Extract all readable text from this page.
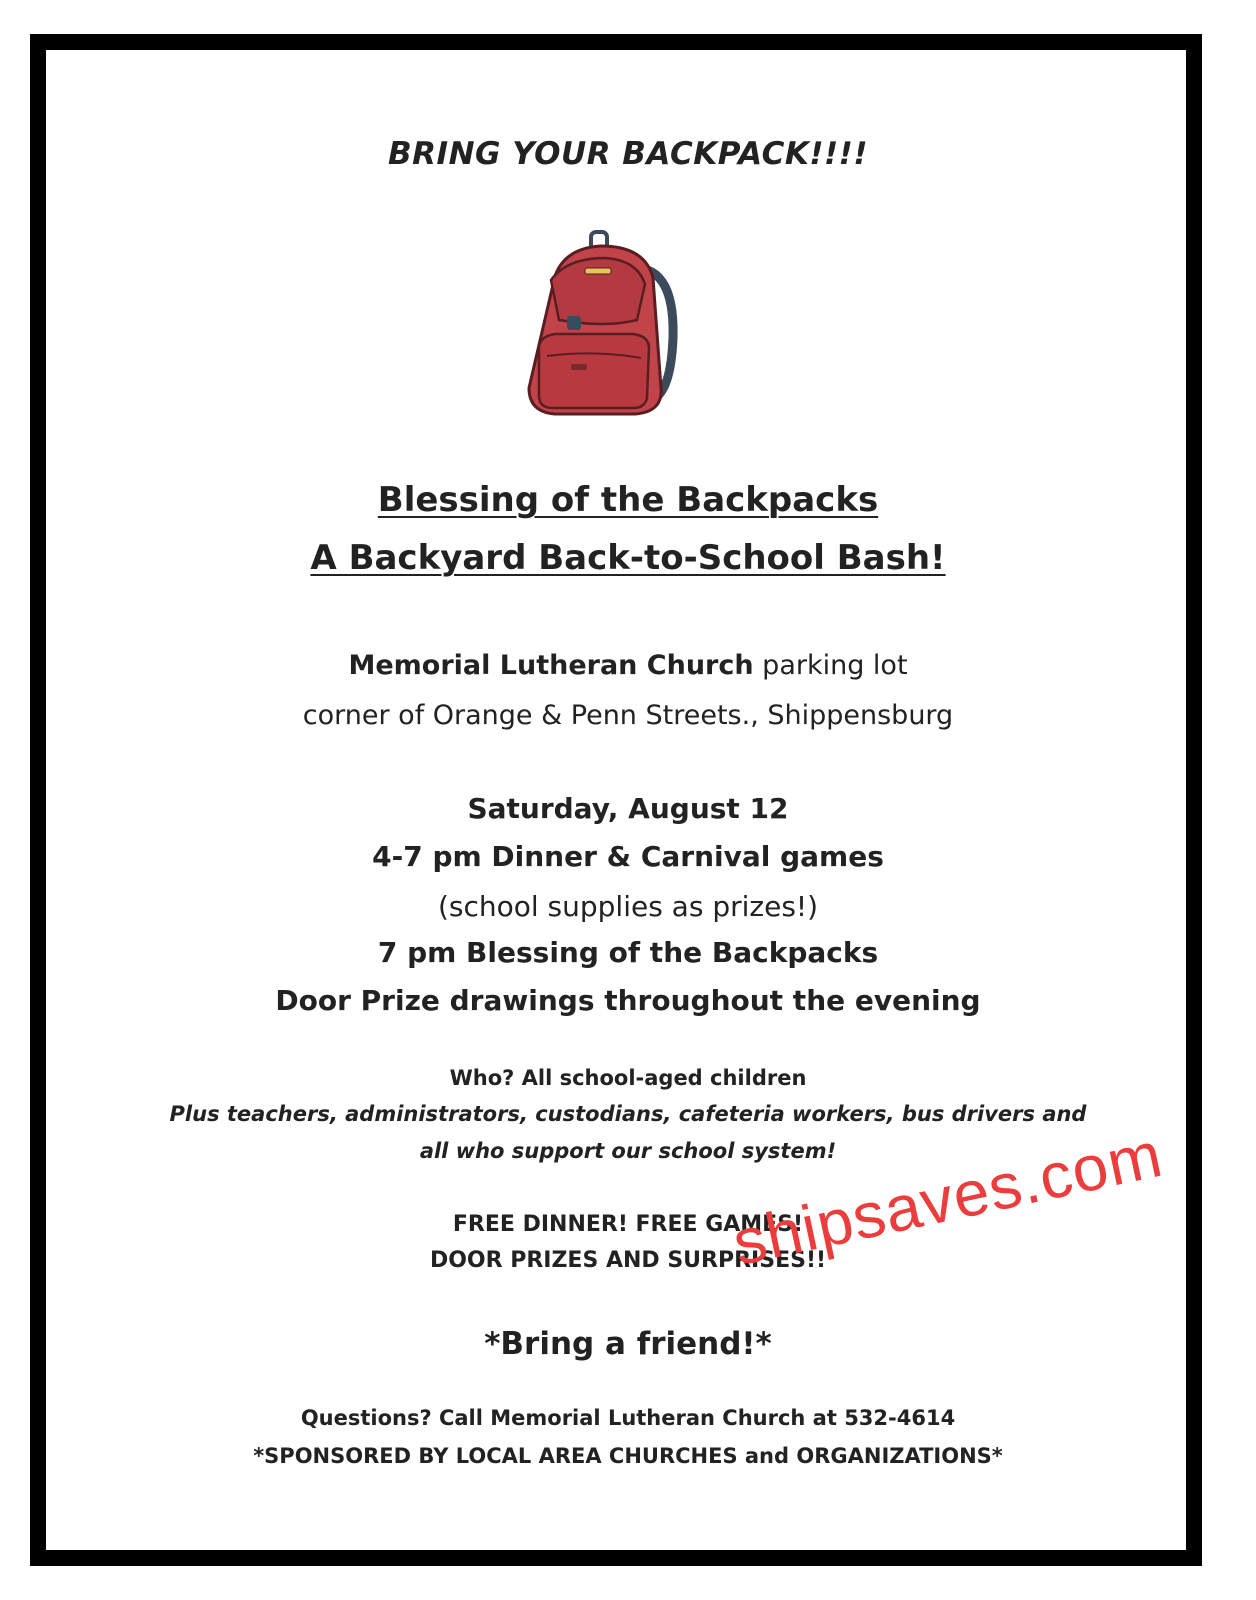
BRING YOUR BACKPACK!!!!
Blessing of the Backpacks
A Backyard Back-to-School Bash!
Memorial Lutheran Church parking lot
corner of Orange & Penn Streets., Shippensburg
Saturday, August 12
4-7 pm Dinner & Carnival games
(school supplies as prizes!)
7 pm Blessing of the Backpacks
Door Prize drawings throughout the evening
Who? All school-aged children
Plus teachers, administrators, custodians, cafeteria workers, bus drivers and
all who support our school system!
FREE DINNER! FREE GAMES!
DOOR PRIZES AND SURPRISES!!
*Bring a friend!*
Questions? Call Memorial Lutheran Church at 532-4614
*SPONSORED BY LOCAL AREA CHURCHES and ORGANIZATIONS*
shipsaves.com
